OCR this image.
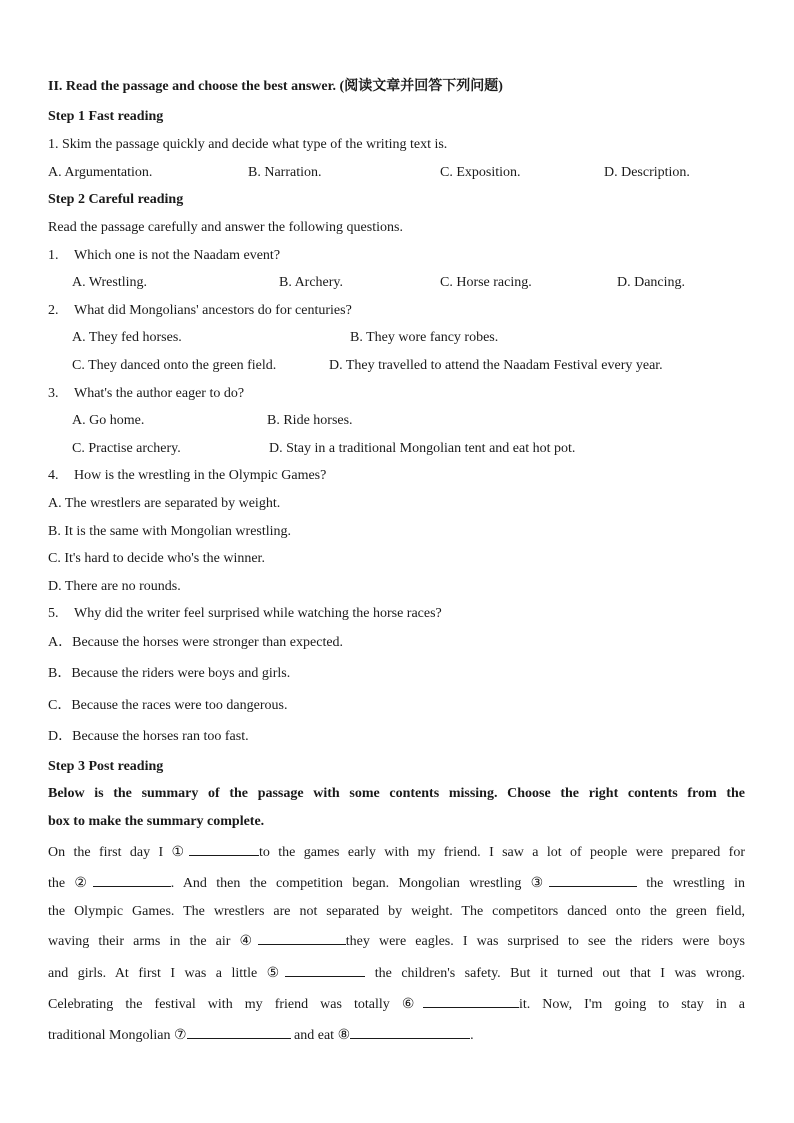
II. Read the passage and choose the best answer. (阅读文章并回答下列问题)
Step 1 Fast reading
1. Skim the passage quickly and decide what type of the writing text is.
A. Argumentation.	B. Narration.	C. Exposition.	D. Description.
Step 2 Careful reading
Read the passage carefully and answer the following questions.
1. Which one is not the Naadam event?
A. Wrestling.	B. Archery.	C. Horse racing.	D. Dancing.
2. What did Mongolians' ancestors do for centuries?
A. They fed horses.	B. They wore fancy robes.
C. They danced onto the green field.	D. They travelled to attend the Naadam Festival every year.
3. What's the author eager to do?
A. Go home.	B. Ride horses.
C. Practise archery.	D. Stay in a traditional Mongolian tent and eat hot pot.
4. How is the wrestling in the Olympic Games?
A. The wrestlers are separated by weight.
B. It is the same with Mongolian wrestling.
C. It's hard to decide who's the winner.
D. There are no rounds.
5. Why did the writer feel surprised while watching the horse races?
A．Because the horses were stronger than expected.
B．Because the riders were boys and girls.
C．Because the races were too dangerous.
D．Because the horses ran too fast.
Step 3 Post reading
Below is the summary of the passage with some contents missing. Choose the right contents from the
box to make the summary complete.
On the first day I ①	to the games early with my friend. I saw a lot of people were prepared for
the ②	. And then the competition began. Mongolian wrestling ③	the wrestling in
the Olympic Games. The wrestlers are not separated by weight. The competitors danced onto the green field,
waving their arms in the air ④	they were eagles. I was surprised to see the riders were boys
and girls. At first I was a little ⑤	the children's safety. But it turned out that I was wrong.
Celebrating the festival with my friend was totally ⑥	it. Now, I'm going to stay in a
traditional Mongolian ⑦	and eat ⑧	.
